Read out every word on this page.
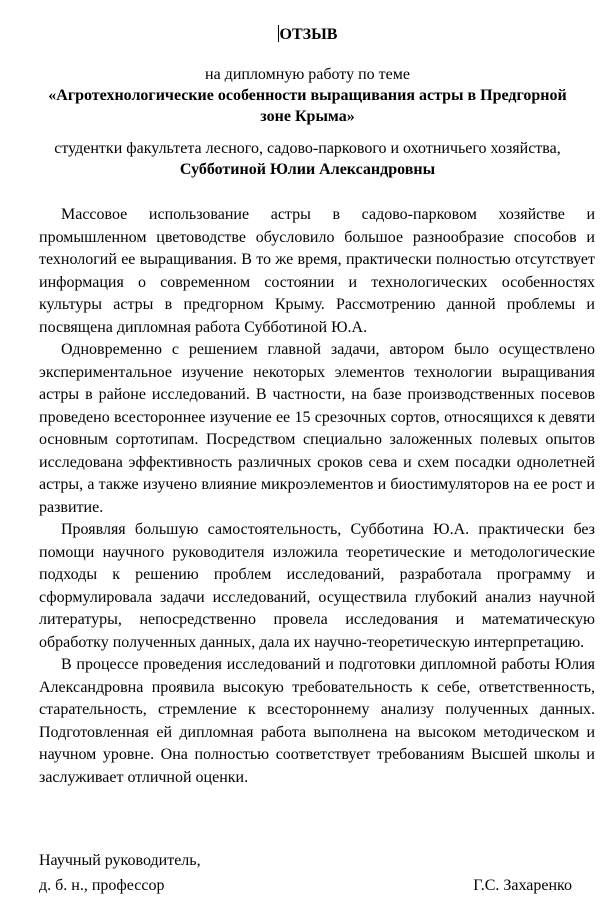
ОТЗЫВ
на дипломную работу по теме
«Агротехнологические особенности выращивания астры в Предгорной
зоне Крыма»
студентки факультета лесного, садово-паркового и охотничьего хозяйства,
Субботиной Юлии Александровны

Массовое использование астры в садово-парковом хозяйстве и промышленном цветоводстве обусловило большое разнообразие способов и технологий ее выращивания. В то же время, практически полностью отсутствует информация о современном состоянии и технологических особенностях культуры астры в предгорном Крыму. Рассмотрению данной проблемы и посвящена дипломная работа Субботиной Ю.А.

Одновременно с решением главной задачи, автором было осуществлено экспериментальное изучение некоторых элементов технологии выращивания астры в районе исследований. В частности, на базе производственных посевов проведено всестороннее изучение ее 15 срезочных сортов, относящихся к девяти основным сортотипам. Посредством специально заложенных полевых опытов исследована эффективность различных сроков сева и схем посадки однолетней астры, а также изучено влияние микроэлементов и биостимуляторов на ее рост и развитие.

Проявляя большую самостоятельность, Субботина Ю.А. практически без помощи научного руководителя изложила теоретические и методологические подходы к решению проблем исследований, разработала программу и сформулировала задачи исследований, осуществила глубокий анализ научной литературы, непосредственно провела исследования и математическую обработку полученных данных, дала их научно-теоретическую интерпретацию.

В процессе проведения исследований и подготовки дипломной работы Юлия Александровна проявила высокую требовательность к себе, ответственность, старательность, стремление к всестороннему анализу полученных данных. Подготовленная ей дипломная работа выполнена на высоком методическом и научном уровне. Она полностью соответствует требованиям Высшей школы и заслуживает отличной оценки.

Научный руководитель,
д. б. н., профессор	Г.С. Захаренко
